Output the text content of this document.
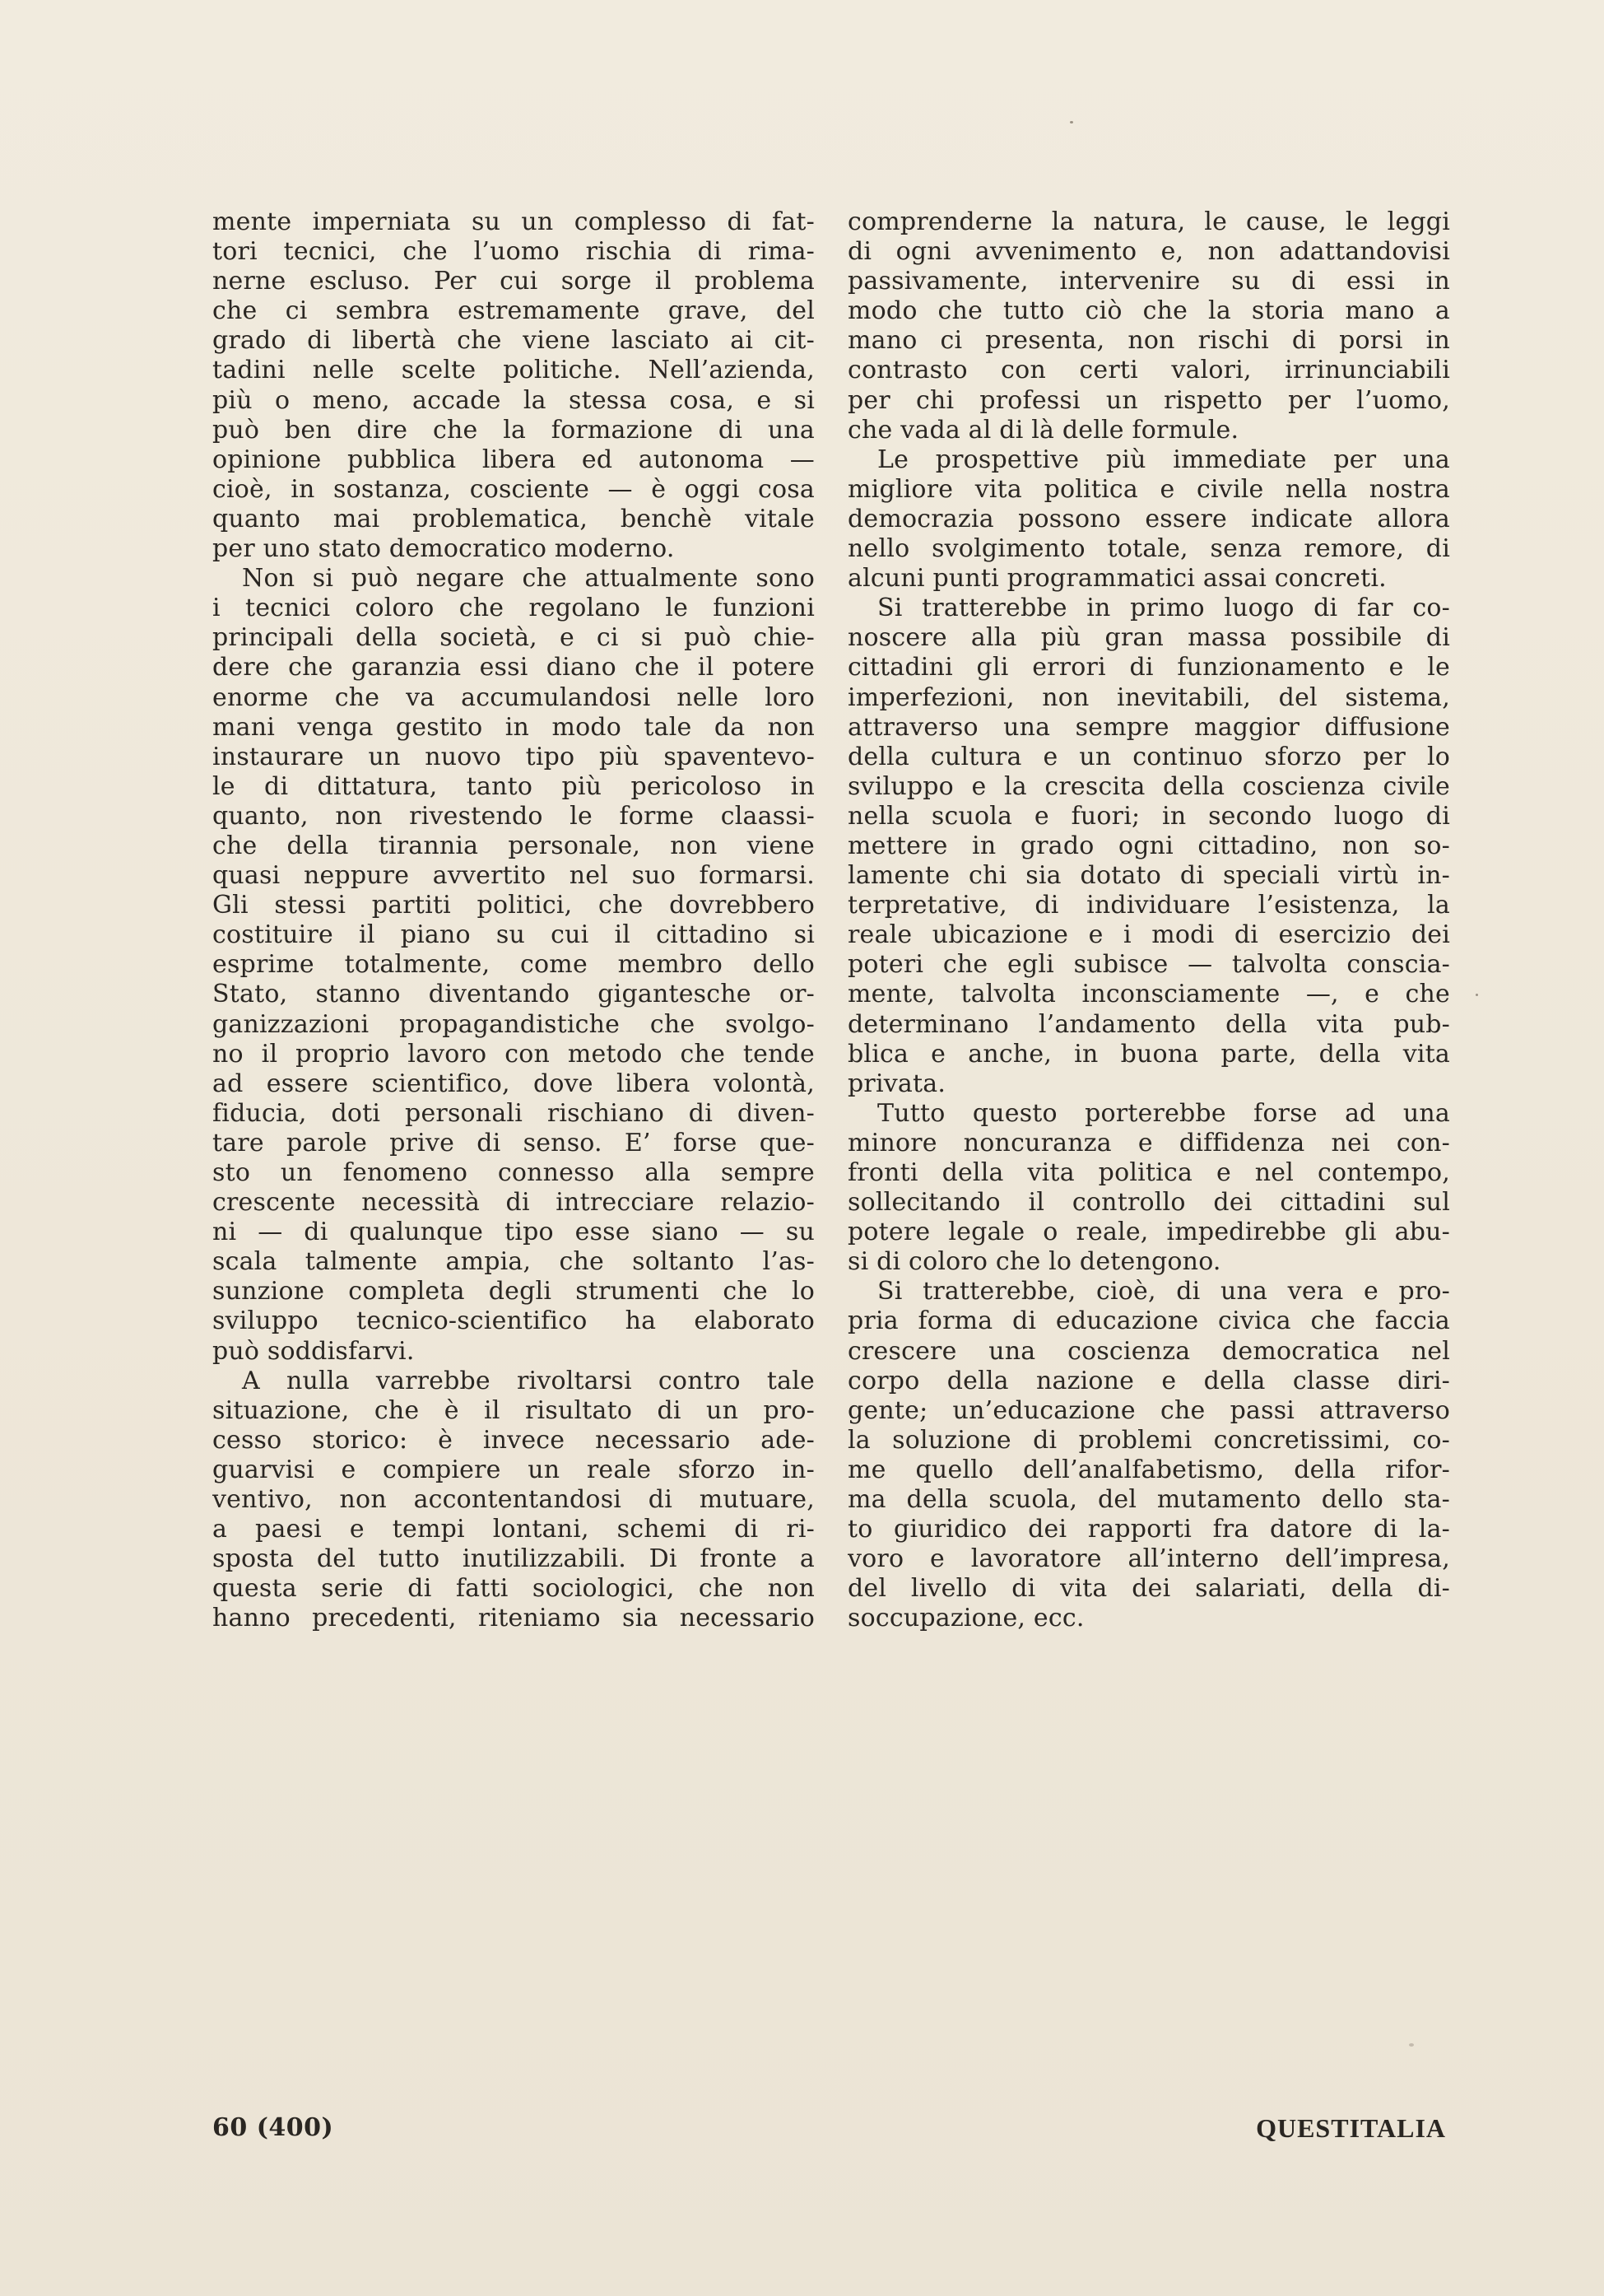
mente imperniata su un complesso di fat-
tori tecnici, che l’uomo rischia di rima-
nerne escluso. Per cui sorge il problema
che ci sembra estremamente grave, del
grado di libertà che viene lasciato ai cit-
tadini nelle scelte politiche. Nell’azienda,
più o meno, accade la stessa cosa, e si
può ben dire che la formazione di una
opinione pubblica libera ed autonoma —
cioè, in sostanza, cosciente — è oggi cosa
quanto mai problematica, benchè vitale
per uno stato democratico moderno.
Non si può negare che attualmente sono
i tecnici coloro che regolano le funzioni
principali della società, e ci si può chie-
dere che garanzia essi diano che il potere
enorme che va accumulandosi nelle loro
mani venga gestito in modo tale da non
instaurare un nuovo tipo più spaventevo-
le di dittatura, tanto più pericoloso in
quanto, non rivestendo le forme claassi-
che della tirannia personale, non viene
quasi neppure avvertito nel suo formarsi.
Gli stessi partiti politici, che dovrebbero
costituire il piano su cui il cittadino si
esprime totalmente, come membro dello
Stato, stanno diventando gigantesche or-
ganizzazioni propagandistiche che svolgo-
no il proprio lavoro con metodo che tende
ad essere scientifico, dove libera volontà,
fiducia, doti personali rischiano di diven-
tare parole prive di senso. E’ forse que-
sto un fenomeno connesso alla sempre
crescente necessità di intrecciare relazio-
ni — di qualunque tipo esse siano — su
scala talmente ampia, che soltanto l’as-
sunzione completa degli strumenti che lo
sviluppo tecnico-scientifico ha elaborato
può soddisfarvi.
A nulla varrebbe rivoltarsi contro tale
situazione, che è il risultato di un pro-
cesso storico: è invece necessario ade-
guarvisi e compiere un reale sforzo in-
ventivo, non accontentandosi di mutuare,
a paesi e tempi lontani, schemi di ri-
sposta del tutto inutilizzabili. Di fronte a
questa serie di fatti sociologici, che non
hanno precedenti, riteniamo sia necessario
comprenderne la natura, le cause, le leggi
di ogni avvenimento e, non adattandovisi
passivamente, intervenire su di essi in
modo che tutto ciò che la storia mano a
mano ci presenta, non rischi di porsi in
contrasto con certi valori, irrinunciabili
per chi professi un rispetto per l’uomo,
che vada al di là delle formule.
Le prospettive più immediate per una
migliore vita politica e civile nella nostra
democrazia possono essere indicate allora
nello svolgimento totale, senza remore, di
alcuni punti programmatici assai concreti.
Si tratterebbe in primo luogo di far co-
noscere alla più gran massa possibile di
cittadini gli errori di funzionamento e le
imperfezioni, non inevitabili, del sistema,
attraverso una sempre maggior diffusione
della cultura e un continuo sforzo per lo
sviluppo e la crescita della coscienza civile
nella scuola e fuori; in secondo luogo di
mettere in grado ogni cittadino, non so-
lamente chi sia dotato di speciali virtù in-
terpretative, di individuare l’esistenza, la
reale ubicazione e i modi di esercizio dei
poteri che egli subisce — talvolta conscia-
mente, talvolta inconsciamente —, e che
determinano l’andamento della vita pub-
blica e anche, in buona parte, della vita
privata.
Tutto questo porterebbe forse ad una
minore noncuranza e diffidenza nei con-
fronti della vita politica e nel contempo,
sollecitando il controllo dei cittadini sul
potere legale o reale, impedirebbe gli abu-
si di coloro che lo detengono.
Si tratterebbe, cioè, di una vera e pro-
pria forma di educazione civica che faccia
crescere una coscienza democratica nel
corpo della nazione e della classe diri-
gente; un’educazione che passi attraverso
la soluzione di problemi concretissimi, co-
me quello dell’analfabetismo, della rifor-
ma della scuola, del mutamento dello sta-
to giuridico dei rapporti fra datore di la-
voro e lavoratore all’interno dell’impresa,
del livello di vita dei salariati, della di-
soccupazione, ecc.
60 (400)	QUESTITALIA
